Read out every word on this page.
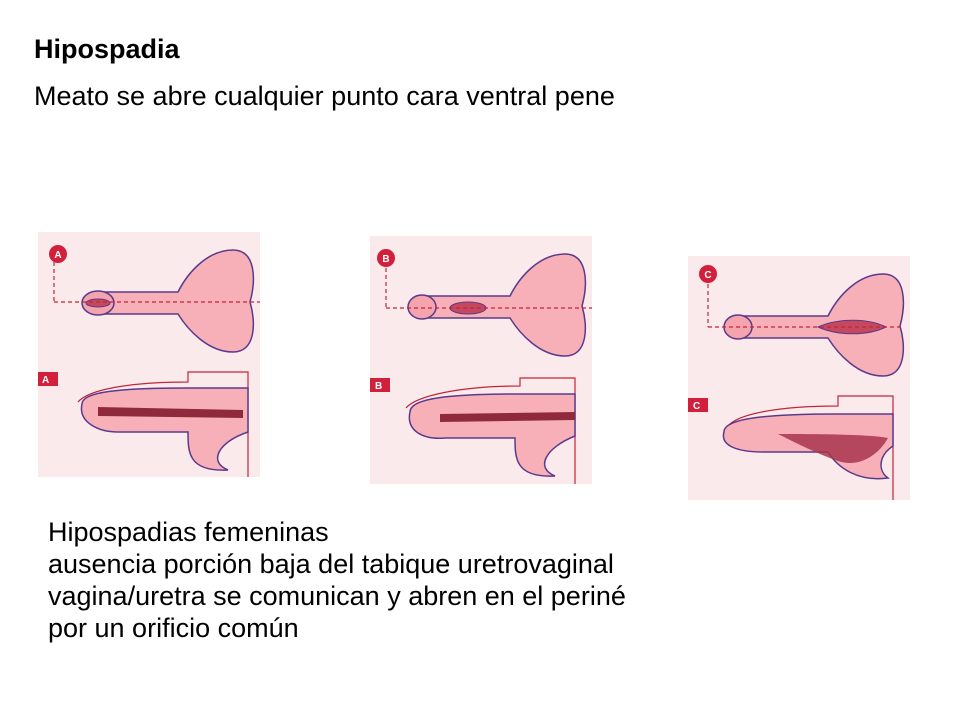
Hipospadia

Meato se abre cualquier punto cara ventral pene

A
A
B
B
C
C
Hipospadias femeninas
ausencia porción baja del tabique uretrovaginal
vagina/uretra se comunican y abren en el periné
por un orificio común
